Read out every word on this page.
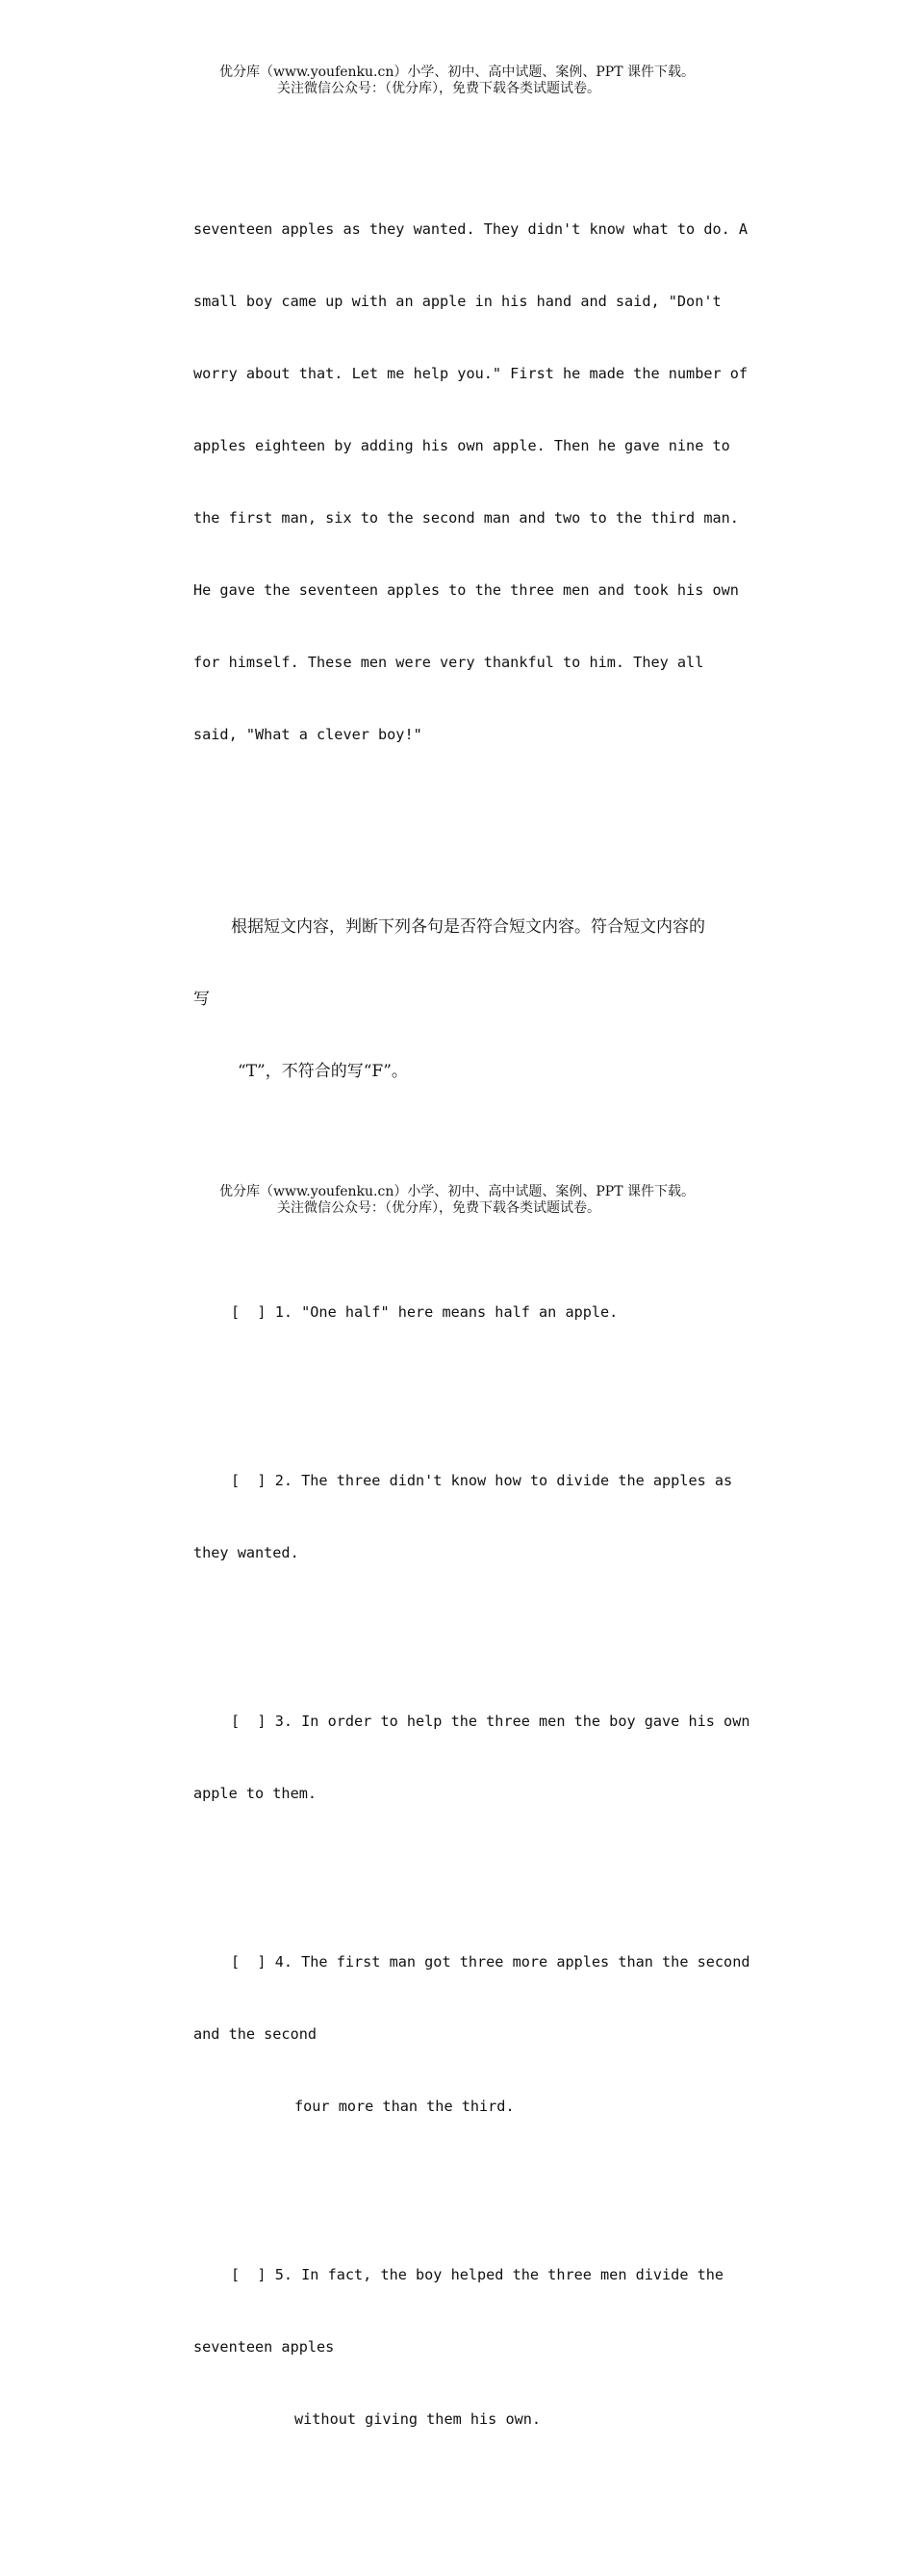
优分库（www.youfenku.cn）小学、初中、高中试题、案例、PPT 课件下载。
关注微信公众号：（优分库），免费下载各类试题试卷。

seventeen apples as they wanted. They didn't know what to do. A

small boy came up with an apple in his hand and said, "Don't

worry about that. Let me help you." First he made the number of

apples eighteen by adding his own apple. Then he gave nine to

the first man, six to the second man and two to the third man.

He gave the seventeen apples to the three men and took his own

for himself. These men were very thankful to him. They all

said, "What a clever boy!"

根据短文内容，判断下列各句是否符合短文内容。符合短文内容的

写

“T”，不符合的写“F”。

[  ] 1. "One half" here means half an apple.

[  ] 2. The three didn't know how to divide the apples as

they wanted.

[  ] 3. In order to help the three men the boy gave his own

apple to them.

[  ] 4. The first man got three more apples than the second

and the second

four more than the third.

[  ] 5. In fact, the boy helped the three men divide the

seventeen apples

without giving them his own.

优分库（www.youfenku.cn）小学、初中、高中试题、案例、PPT 课件下载。
关注微信公众号：（优分库），免费下载各类试题试卷。
